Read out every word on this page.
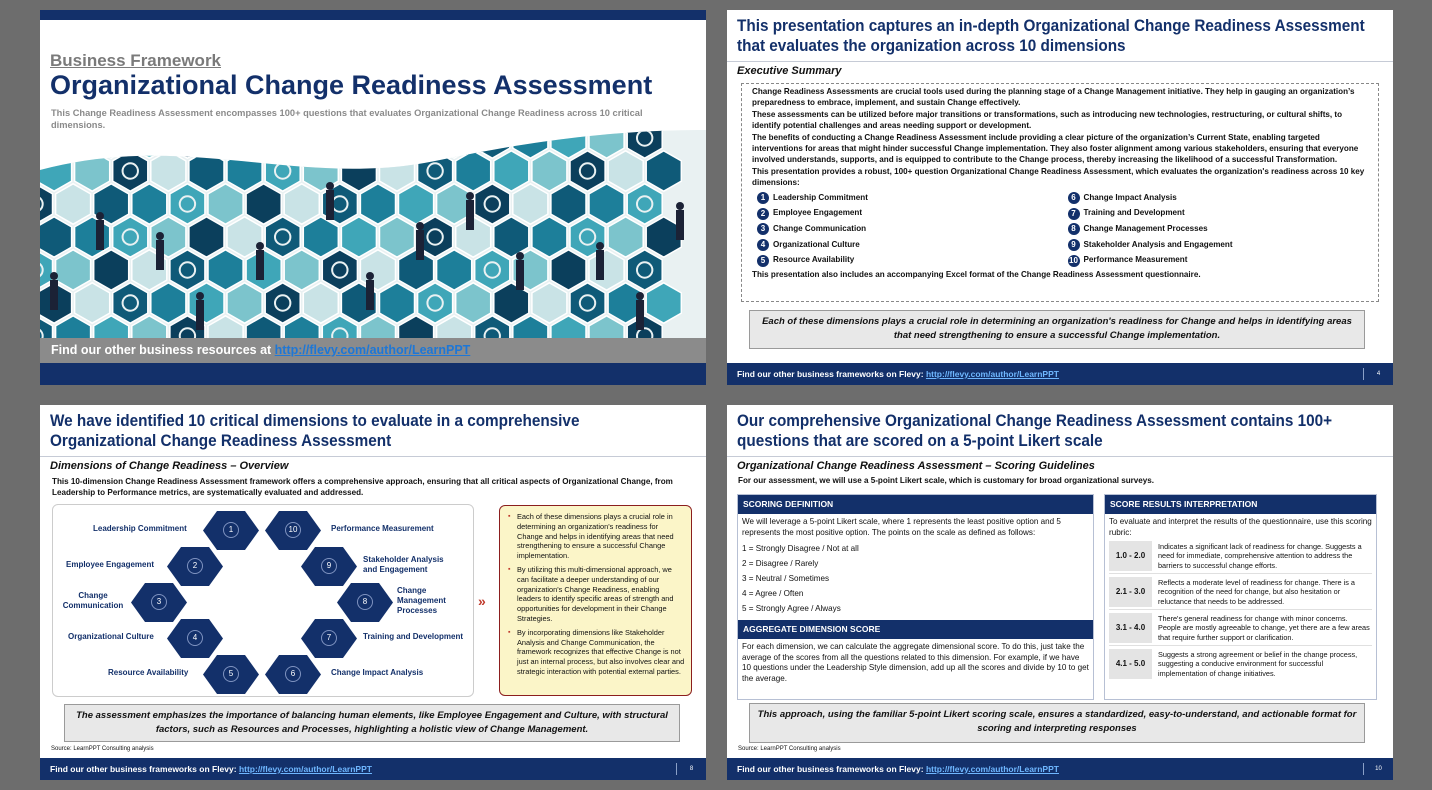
Business Framework
Organizational Change Readiness Assessment
This Change Readiness Assessment encompasses 100+ questions that evaluates Organizational Change Readiness across 10 critical dimensions.
Find our other business resources at http://flevy.com/author/LearnPPT
This presentation captures an in-depth Organizational Change Readiness Assessment that evaluates the organization across 10 dimensions
Executive Summary

Change Readiness Assessments are crucial tools used during the planning stage of a Change Management initiative. They help in gauging an organization’s preparedness to embrace, implement, and sustain Change effectively.

These assessments can be utilized before major transitions or transformations, such as introducing new technologies, restructuring, or cultural shifts, to identify potential challenges and areas needing support or development.

The benefits of conducting a Change Readiness Assessment include providing a clear picture of the organization’s Current State, enabling targeted interventions for areas that might hinder successful Change implementation. They also foster alignment among various stakeholders, ensuring that everyone involved understands, supports, and is equipped to contribute to the Change process, thereby increasing the likelihood of a successful Transformation.

This presentation provides a robust, 100+ question Organizational Change Readiness Assessment, which evaluates the organization's readiness across 10 key dimensions:

1 Leadership Commitment	6 Change Impact Analysis
2 Employee Engagement	7 Training and Development
3 Change Communication	8 Change Management Processes
4 Organizational Culture	9 Stakeholder Analysis and Engagement
5 Resource Availability	10 Performance Measurement

This presentation also includes an accompanying Excel format of the Change Readiness Assessment questionnaire.

Each of these dimensions plays a crucial role in determining an organization's readiness for Change and helps in identifying areas that need strengthening to ensure a successful Change implementation.
Find our other business frameworks on Flevy: http://flevy.com/author/LearnPPT	4
We have identified 10 critical dimensions to evaluate in a comprehensive Organizational Change Readiness Assessment
Dimensions of Change Readiness – Overview
This 10-dimension Change Readiness Assessment framework offers a comprehensive approach, ensuring that all critical aspects of Organizational Change, from Leadership to Performance metrics, are systematically evaluated and addressed.
1
Leadership Commitment
2
Employee Engagement
3
Change Communication
4
Organizational Culture
5
Resource Availability	6	Change Impact Analysis
7	Training and Development
8
Change Management Processes
9
Stakeholder Analysis and Engagement
10	Performance Measurement
»
▪ Each of these dimensions plays a crucial role in determining an organization's readiness for Change and helps in identifying areas that need strengthening to ensure a successful Change implementation.
▪ By utilizing this multi-dimensional approach, we can facilitate a deeper understanding of our organization's Change Readiness, enabling leaders to identify specific areas of strength and opportunities for development in their Change Strategies.
▪ By incorporating dimensions like Stakeholder Analysis and Change Communication, the framework recognizes that effective Change is not just an internal process, but also involves clear and strategic interaction with potential external parties.
The assessment emphasizes the importance of balancing human elements, like Employee Engagement and Culture, with structural factors, such as Resources and Processes, highlighting a holistic view of Change Management.
Source: LearnPPT Consulting analysis
Find our other business frameworks on Flevy: http://flevy.com/author/LearnPPT	8
Our comprehensive Organizational Change Readiness Assessment contains 100+ questions that are scored on a 5-point Likert scale
Organizational Change Readiness Assessment – Scoring Guidelines
For our assessment, we will use a 5-point Likert scale, which is customary for broad organizational surveys.
SCORING DEFINITION
We will leverage a 5-point Likert scale, where 1 represents the least positive option and 5 represents the most positive option. The points on the scale as defined as follows:
1 = Strongly Disagree / Not at all
2 = Disagree / Rarely
3 = Neutral / Sometimes
4 = Agree / Often
5 = Strongly Agree / Always
AGGREGATE DIMENSION SCORE
For each dimension, we can calculate the aggregate dimensional score. To do this, just take the average of the scores from all the questions related to this dimension. For example, if we have 10 questions under the Leadership Style dimension, add up all the scores and divide by 10 to get the average.
SCORE RESULTS INTERPRETATION
To evaluate and interpret the results of the questionnaire, use this scoring rubric:
1.0 - 2.0
Indicates a significant lack of readiness for change. Suggests a need for immediate, comprehensive attention to address the barriers to successful change efforts.
2.1 - 3.0
Reflects a moderate level of readiness for change. There is a recognition of the need for change, but also hesitation or reluctance that needs to be addressed.
3.1 - 4.0
There's general readiness for change with minor concerns. People are mostly agreeable to change, yet there are a few areas that require further support or clarification.
4.1 - 5.0
Suggests a strong agreement or belief in the change process, suggesting a conducive environment for successful implementation of change initiatives.
This approach, using the familiar 5-point Likert scoring scale, ensures a standardized, easy-to-understand, and actionable format for scoring and interpreting responses
Source: LearnPPT Consulting analysis
Find our other business frameworks on Flevy: http://flevy.com/author/LearnPPT	10
